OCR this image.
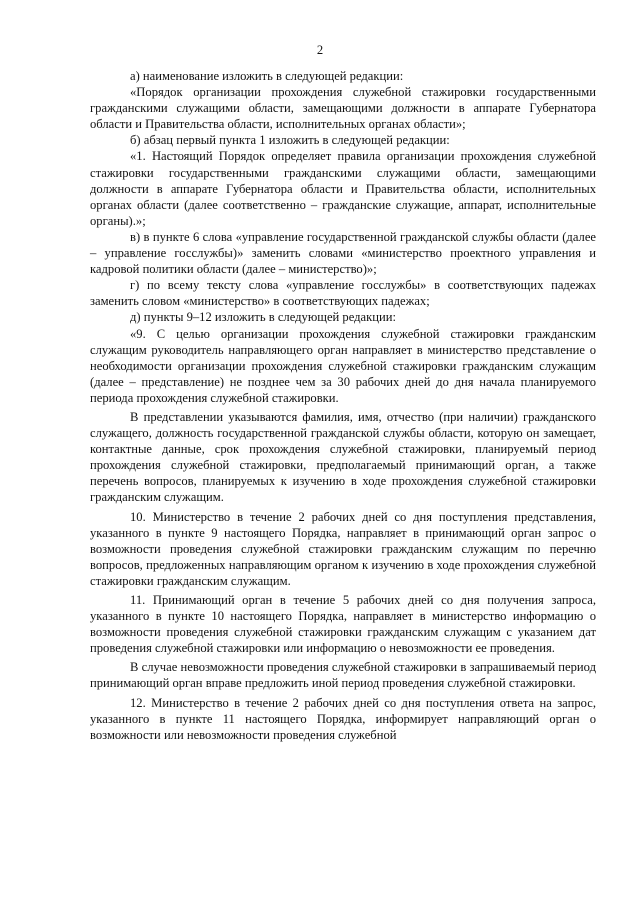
2

а) наименование изложить в следующей редакции:

«Порядок организации прохождения служебной стажировки государственными гражданскими служащими области, замещающими должности в аппарате Губернатора области и Правительства области, исполнительных органах области»;

б) абзац первый пункта 1 изложить в следующей редакции:

«1. Настоящий Порядок определяет правила организации прохождения служебной стажировки государственными гражданскими служащими области, замещающими должности в аппарате Губернатора области и Правительства области, исполнительных органах области (далее соответственно – гражданские служащие, аппарат, исполнительные органы).»;

в) в пункте 6 слова «управление государственной гражданской службы области (далее – управление госслужбы)» заменить словами «министерство проектного управления и кадровой политики области (далее – министерство)»;

г) по всему тексту слова «управление госслужбы» в соответствующих падежах заменить словом «министерство» в соответствующих падежах;

д) пункты 9–12 изложить в следующей редакции:

«9. С целью организации прохождения служебной стажировки гражданским служащим руководитель направляющего орган направляет в министерство представление о необходимости организации прохождения служебной стажировки гражданским служащим (далее – представление) не позднее чем за 30 рабочих дней до дня начала планируемого периода прохождения служебной стажировки.

В представлении указываются фамилия, имя, отчество (при наличии) гражданского служащего, должность государственной гражданской службы области, которую он замещает, контактные данные, срок прохождения служебной стажировки, планируемый период прохождения служебной стажировки, предполагаемый принимающий орган, а также перечень вопросов, планируемых к изучению в ходе прохождения служебной стажировки гражданским служащим.

10. Министерство в течение 2 рабочих дней со дня поступления представления, указанного в пункте 9 настоящего Порядка, направляет в принимающий орган запрос о возможности проведения служебной стажировки гражданским служащим по перечню вопросов, предложенных направляющим органом к изучению в ходе прохождения служебной стажировки гражданским служащим.

11. Принимающий орган в течение 5 рабочих дней со дня получения запроса, указанного в пункте 10 настоящего Порядка, направляет в министерство информацию о возможности проведения служебной стажировки гражданским служащим с указанием дат проведения служебной стажировки или информацию о невозможности ее проведения.

В случае невозможности проведения служебной стажировки в запрашиваемый период принимающий орган вправе предложить иной период проведения служебной стажировки.

12. Министерство в течение 2 рабочих дней со дня поступления ответа на запрос, указанного в пункте 11 настоящего Порядка, информирует направляющий орган о возможности или невозможности проведения служебной
